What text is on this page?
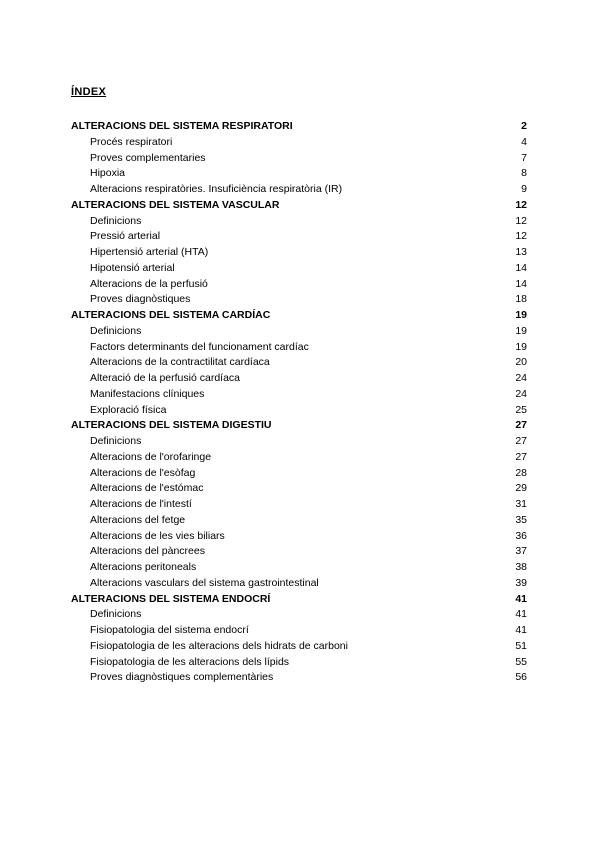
ÍNDEX
ALTERACIONS DEL SISTEMA RESPIRATORI	2
Procés respiratori	4
Proves complementaries	7
Hipoxia	8
Alteracions respiratòries. Insuficiència respiratòria (IR)	9
ALTERACIONS DEL SISTEMA VASCULAR	12
Definicions	12
Pressió arterial	12
Hipertensió arterial (HTA)	13
Hipotensió arterial	14
Alteracions de la perfusió	14
Proves diagnòstiques	18
ALTERACIONS DEL SISTEMA CARDÍAC	19
Definicions	19
Factors determinants del funcionament cardíac	19
Alteracions de la contractilitat cardíaca	20
Alteració de la perfusió cardíaca	24
Manifestacions clíniques	24
Exploració física	25
ALTERACIONS DEL SISTEMA DIGESTIU	27
Definicions	27
Alteracions de l'orofaringe	27
Alteracions de l'esòfag	28
Alteracions de l'estómac	29
Alteracions de l'intestí	31
Alteracions del fetge	35
Alteracions de les vies biliars	36
Alteracions del pàncrees	37
Alteracions peritoneals	38
Alteracions vasculars del sistema gastrointestinal	39
ALTERACIONS DEL SISTEMA ENDOCRÍ	41
Definicions	41
Fisiopatologia del sistema endocrí	41
Fisiopatologia de les alteracions dels hidrats de carboni	51
Fisiopatologia de les alteracions dels lípids	55
Proves diagnòstiques complementàries	56
